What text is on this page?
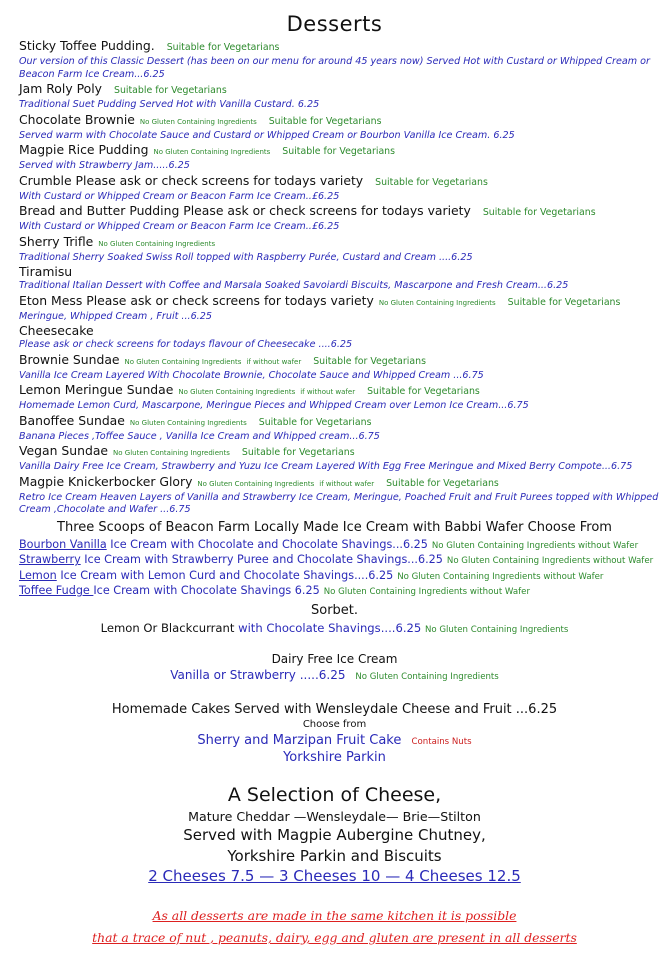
Desserts
Sticky Toffee Pudding. Suitable for Vegetarians
Our version of this Classic Dessert (has been on our menu for around 45 years now) Served Hot with Custard or Whipped Cream or Beacon Farm Ice Cream...6.25
Jam Roly Poly Suitable for Vegetarians
Traditional Suet Pudding Served Hot with Vanilla Custard. 6.25
Chocolate Brownie No Gluten Containing Ingredients Suitable for Vegetarians
Served warm with Chocolate Sauce and Custard or Whipped Cream or Bourbon Vanilla Ice Cream. 6.25
Magpie Rice Pudding No Gluten Containing Ingredients Suitable for Vegetarians
Served with Strawberry Jam.....6.25
Crumble Please ask or check screens for todays variety Suitable for Vegetarians
With Custard or Whipped Cream or Beacon Farm Ice Cream..£6.25
Bread and Butter Pudding Please ask or check screens for todays variety Suitable for Vegetarians
With Custard or Whipped Cream or Beacon Farm Ice Cream..£6.25
Sherry Trifle No Gluten Containing Ingredients
Traditional Sherry Soaked Swiss Roll topped with Raspberry Purée, Custard and Cream ....6.25
Tiramisu
Traditional Italian Dessert with Coffee and Marsala Soaked Savoiardi Biscuits, Mascarpone and Fresh Cream...6.25
Eton Mess Please ask or check screens for todays variety No Gluten Containing Ingredients Suitable for Vegetarians
Meringue, Whipped Cream , Fruit ...6.25
Cheesecake
Please ask or check screens for todays flavour of Cheesecake ....6.25
Brownie Sundae No Gluten Containing Ingredients if without wafer Suitable for Vegetarians
Vanilla Ice Cream Layered With Chocolate Brownie, Chocolate Sauce and Whipped Cream ...6.75
Lemon Meringue Sundae No Gluten Containing Ingredients if without wafer Suitable for Vegetarians
Homemade Lemon Curd, Mascarpone, Meringue Pieces and Whipped Cream over Lemon Ice Cream...6.75
Banoffee Sundae No Gluten Containing Ingredients Suitable for Vegetarians
Banana Pieces ,Toffee Sauce , Vanilla Ice Cream and Whipped cream...6.75
Vegan Sundae No Gluten Containing Ingredients Suitable for Vegetarians
Vanilla Dairy Free Ice Cream, Strawberry and Yuzu Ice Cream Layered With Egg Free Meringue and Mixed Berry Compote...6.75
Magpie Knickerbocker Glory No Gluten Containing Ingredients if without wafer Suitable for Vegetarians
Retro Ice Cream Heaven Layers of Vanilla and Strawberry Ice Cream, Meringue, Poached Fruit and Fruit Purees topped with Whipped Cream ,Chocolate and Wafer ...6.75
Three Scoops of Beacon Farm Locally Made Ice Cream with Babbi Wafer Choose From
Bourbon Vanilla Ice Cream with Chocolate and Chocolate Shavings...6.25 No Gluten Containing Ingredients without Wafer
Strawberry Ice Cream with Strawberry Puree and Chocolate Shavings...6.25 No Gluten Containing Ingredients without Wafer
Lemon Ice Cream with Lemon Curd and Chocolate Shavings....6.25 No Gluten Containing Ingredients without Wafer
Toffee Fudge Ice Cream with Chocolate Shavings 6.25 No Gluten Containing Ingredients without Wafer
Sorbet.
Lemon Or Blackcurrant with Chocolate Shavings....6.25 No Gluten Containing Ingredients
Dairy Free Ice Cream
Vanilla or Strawberry .....6.25 No Gluten Containing Ingredients
Homemade Cakes Served with Wensleydale Cheese and Fruit ...6.25
Choose from
Sherry and Marzipan Fruit Cake Contains Nuts
Yorkshire Parkin
A Selection of Cheese,
Mature Cheddar —Wensleydale— Brie—Stilton
Served with Magpie Aubergine Chutney,
Yorkshire Parkin and Biscuits
2 Cheeses 7.5 — 3 Cheeses 10 — 4 Cheeses 12.5
As all desserts are made in the same kitchen it is possible
that a trace of nut , peanuts, dairy, egg and gluten are present in all desserts
